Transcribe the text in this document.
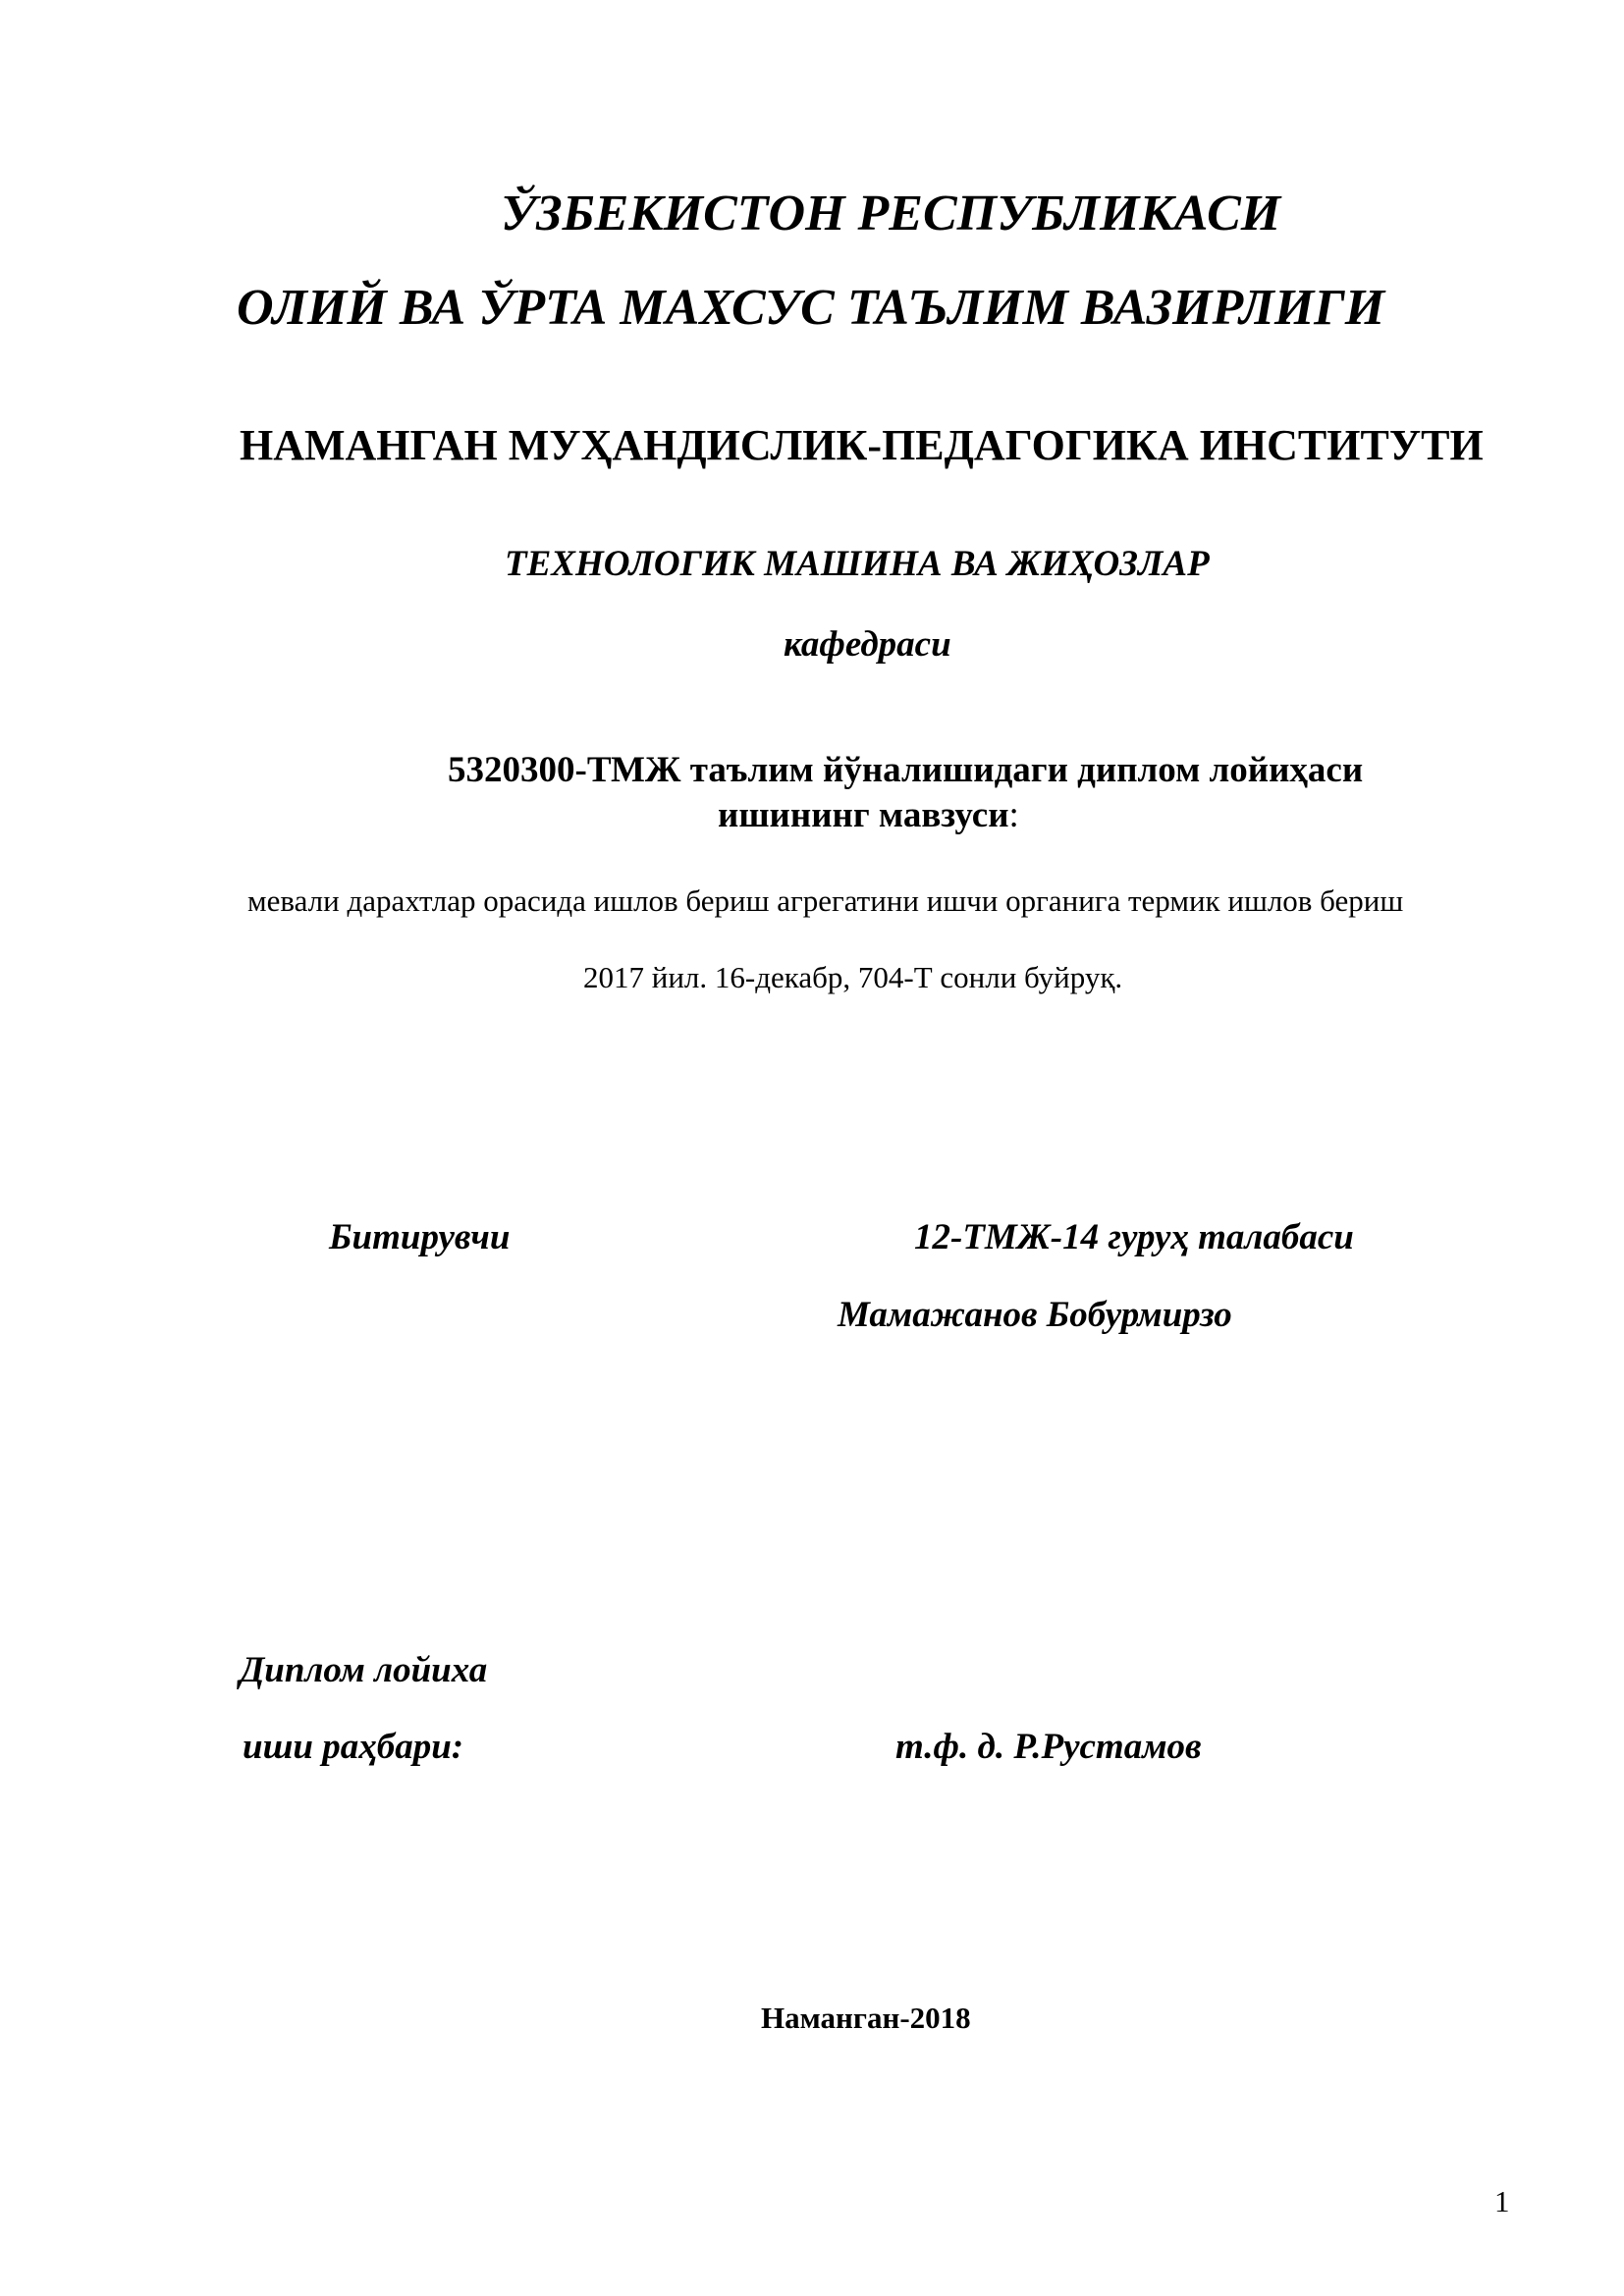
ЎЗБЕКИСТОН РЕСПУБЛИКАСИ
ОЛИЙ ВА ЎРТА МАХСУС ТАЪЛИМ ВАЗИРЛИГИ
НАМАНГАН МУҲАНДИСЛИК-ПЕДАГОГИКА ИНСТИТУТИ
ТЕХНОЛОГИК МАШИНА ВА ЖИҲОЗЛАР
кафедраси
5320300-ТМЖ таълим йўналишидаги диплом лойиҳаси
ишининг мавзуси:
мевали дарахтлар орасида ишлов бериш агрегатини ишчи органига термик ишлов бериш
2017 йил. 16-декабр, 704-Т сонли буйруқ.
Битирувчи	12-ТМЖ-14 гуруҳ талабаси
Мамажанов Бобурмирзо
Диплом лойиха
иши раҳбари:	т.ф. д. Р.Рустамов
Наманган-2018
1
